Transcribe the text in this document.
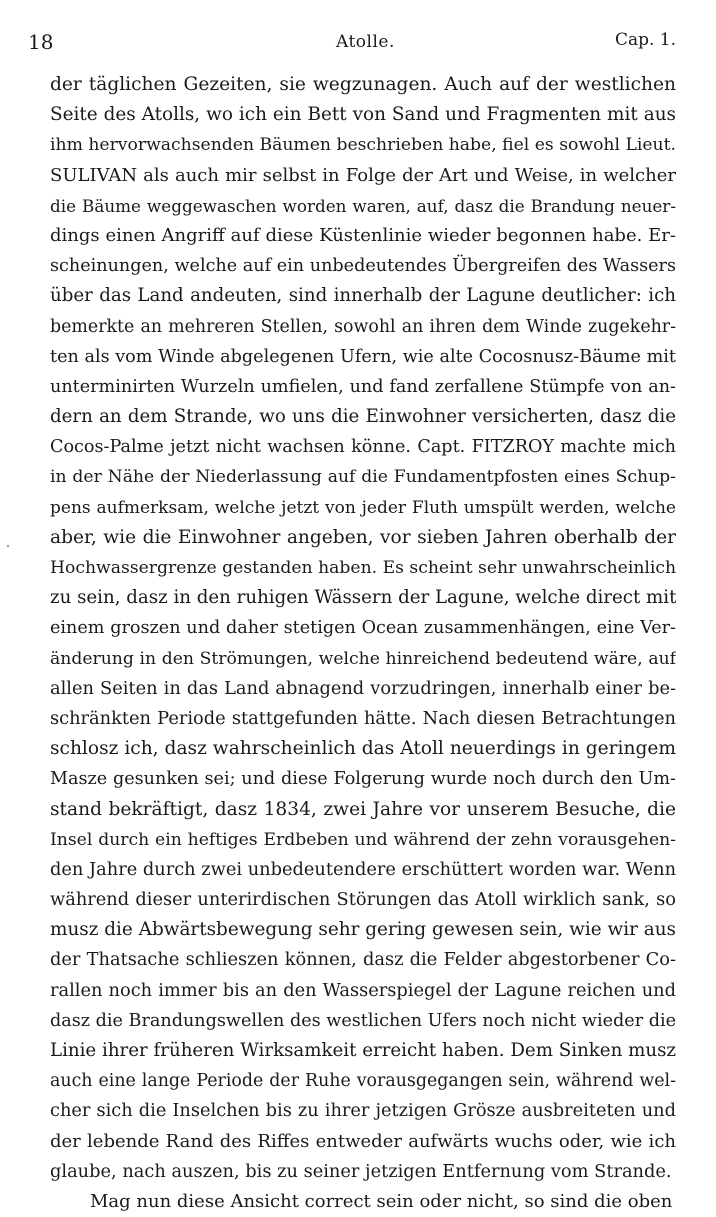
18	Atolle.	Cap. 1.
der täglichen Gezeiten, sie wegzunagen. Auch auf der westlichen
Seite des Atolls, wo ich ein Bett von Sand und Fragmenten mit aus
ihm hervorwachsenden Bäumen beschrieben habe, fiel es sowohl Lieut.
SULIVAN als auch mir selbst in Folge der Art und Weise, in welcher
die Bäume weggewaschen worden waren, auf, dasz die Brandung neuer-
dings einen Angriff auf diese Küstenlinie wieder begonnen habe. Er-
scheinungen, welche auf ein unbedeutendes Übergreifen des Wassers
über das Land andeuten, sind innerhalb der Lagune deutlicher: ich
bemerkte an mehreren Stellen, sowohl an ihren dem Winde zugekehr-
ten als vom Winde abgelegenen Ufern, wie alte Cocosnusz-Bäume mit
unterminirten Wurzeln umfielen, und fand zerfallene Stümpfe von an-
dern an dem Strande, wo uns die Einwohner versicherten, dasz die
Cocos-Palme jetzt nicht wachsen könne. Capt. FITZROY machte mich
in der Nähe der Niederlassung auf die Fundamentpfosten eines Schup-
pens aufmerksam, welche jetzt von jeder Fluth umspült werden, welche
aber, wie die Einwohner angeben, vor sieben Jahren oberhalb der
Hochwassergrenze gestanden haben. Es scheint sehr unwahrscheinlich
zu sein, dasz in den ruhigen Wässern der Lagune, welche direct mit
einem groszen und daher stetigen Ocean zusammenhängen, eine Ver-
änderung in den Strömungen, welche hinreichend bedeutend wäre, auf
allen Seiten in das Land abnagend vorzudringen, innerhalb einer be-
schränkten Periode stattgefunden hätte. Nach diesen Betrachtungen
schlosz ich, dasz wahrscheinlich das Atoll neuerdings in geringem
Masze gesunken sei; und diese Folgerung wurde noch durch den Um-
stand bekräftigt, dasz 1834, zwei Jahre vor unserem Besuche, die
Insel durch ein heftiges Erdbeben und während der zehn vorausgehen-
den Jahre durch zwei unbedeutendere erschüttert worden war. Wenn
während dieser unterirdischen Störungen das Atoll wirklich sank, so
musz die Abwärtsbewegung sehr gering gewesen sein, wie wir aus
der Thatsache schlieszen können, dasz die Felder abgestorbener Co-
rallen noch immer bis an den Wasserspiegel der Lagune reichen und
dasz die Brandungswellen des westlichen Ufers noch nicht wieder die
Linie ihrer früheren Wirksamkeit erreicht haben. Dem Sinken musz
auch eine lange Periode der Ruhe vorausgegangen sein, während wel-
cher sich die Inselchen bis zu ihrer jetzigen Grösze ausbreiteten und
der lebende Rand des Riffes entweder aufwärts wuchs oder, wie ich
glaube, nach auszen, bis zu seiner jetzigen Entfernung vom Strande.
Mag nun diese Ansicht correct sein oder nicht, so sind die oben
